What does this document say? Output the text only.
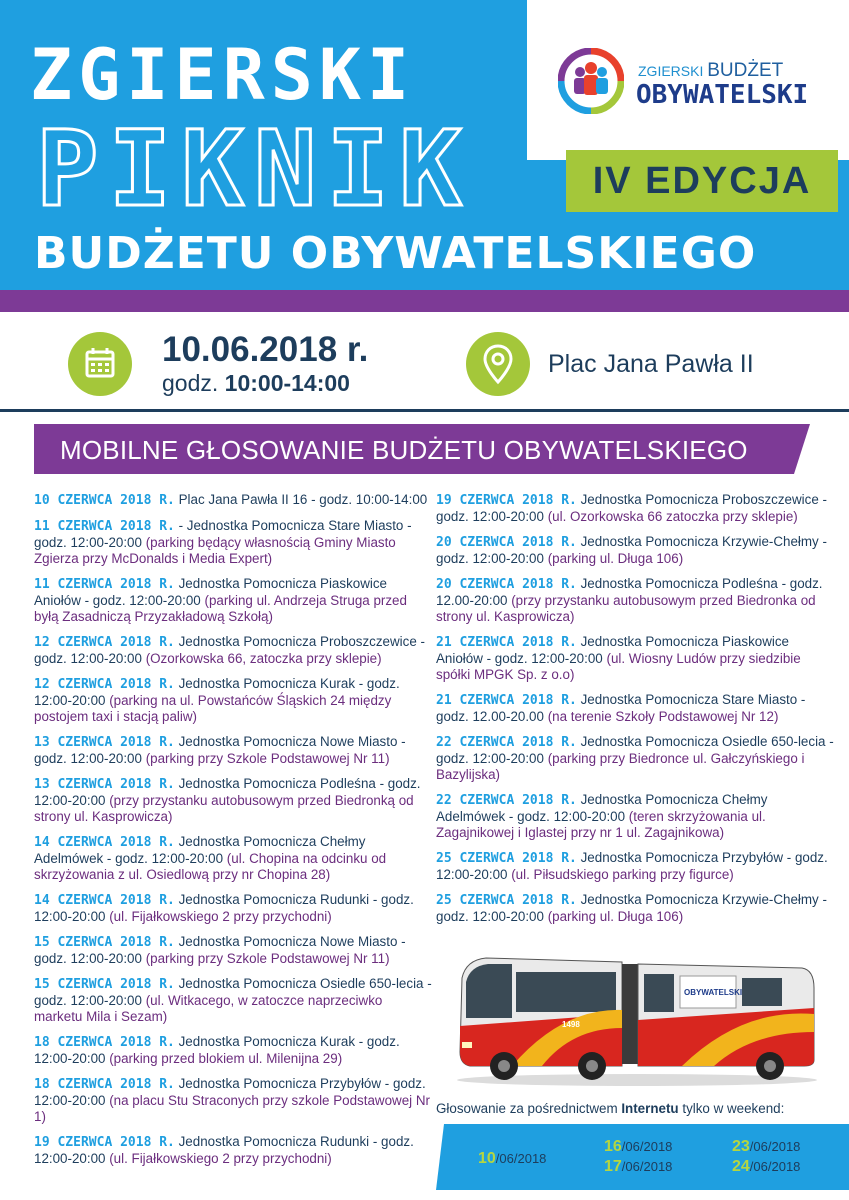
ZGIERSKI
PIKNIK
BUDŻETU OBYWATELSKIEGO
ZGIERSKI BUDŻET
OBYWATELSKI
IV EDYCJA
10.06.2018 r.
godz. 10:00-14:00
Plac Jana Pawła II
MOBILNE GŁOSOWANIE BUDŻETU OBYWATELSKIEGO
10 CZERWCA 2018 R. Plac Jana Pawła II 16 - godz. 10:00-14:00
11 CZERWCA 2018 R. - Jednostka Pomocnicza Stare Miasto - godz. 12:00-20:00 (parking będący własnością Gminy Miasto Zgierza przy McDonalds i Media Expert)
11 CZERWCA 2018 R. Jednostka Pomocnicza Piaskowice Aniołów - godz. 12:00-20:00 (parking ul. Andrzeja Struga przed byłą Zasadniczą Przyzakładową Szkołą)
12 CZERWCA 2018 R. Jednostka Pomocnicza Proboszczewice - godz. 12:00-20:00 (Ozorkowska 66, zatoczka przy sklepie)
12 CZERWCA 2018 R. Jednostka Pomocnicza Kurak - godz. 12:00-20:00 (parking na ul. Powstańców Śląskich 24 między postojem taxi i stacją paliw)
13 CZERWCA 2018 R. Jednostka Pomocnicza Nowe Miasto - godz. 12:00-20:00 (parking przy Szkole Podstawowej Nr 11)
13 CZERWCA 2018 R. Jednostka Pomocnicza Podleśna - godz. 12:00-20:00 (przy przystanku autobusowym przed Biedronką od strony ul. Kasprowicza)
14 CZERWCA 2018 R. Jednostka Pomocnicza Chełmy Adelmówek - godz. 12:00-20:00 (ul. Chopina na odcinku od skrzyżowania z ul. Osiedlową przy nr Chopina 28)
14 CZERWCA 2018 R. Jednostka Pomocnicza Rudunki - godz. 12:00-20:00 (ul. Fijałkowskiego 2 przy przychodni)
15 CZERWCA 2018 R. Jednostka Pomocnicza Nowe Miasto - godz. 12:00-20:00 (parking przy Szkole Podstawowej Nr 11)
15 CZERWCA 2018 R. Jednostka Pomocnicza Osiedle 650-lecia - godz. 12:00-20:00 (ul. Witkacego, w zatoczce naprzeciwko marketu Mila i Sezam)
18 CZERWCA 2018 R. Jednostka Pomocnicza Kurak - godz. 12:00-20:00 (parking przed blokiem ul. Milenijna 29)
18 CZERWCA 2018 R. Jednostka Pomocnicza Przybyłów - godz. 12:00-20:00 (na placu Stu Straconych przy szkole Podstawowej Nr 1)
19 CZERWCA 2018 R. Jednostka Pomocnicza Rudunki - godz. 12:00-20:00 (ul. Fijałkowskiego 2 przy przychodni)
19 CZERWCA 2018 R. Jednostka Pomocnicza Proboszczewice - godz. 12:00-20:00 (ul. Ozorkowska 66 zatoczka przy sklepie)
20 CZERWCA 2018 R. Jednostka Pomocnicza Krzywie-Chełmy - godz. 12:00-20:00 (parking ul. Długa 106)
20 CZERWCA 2018 R. Jednostka Pomocnicza Podleśna - godz. 12.00-20:00 (przy przystanku autobusowym przed Biedronka od strony ul. Kasprowicza)
21 CZERWCA 2018 R. Jednostka Pomocnicza Piaskowice Aniołów - godz. 12:00-20:00 (ul. Wiosny Ludów przy siedzibie spółki MPGK Sp. z o.o)
21 CZERWCA 2018 R. Jednostka Pomocnicza Stare Miasto - godz. 12.00-20.00 (na terenie Szkoły Podstawowej Nr 12)
22 CZERWCA 2018 R. Jednostka Pomocnicza Osiedle 650-lecia - godz. 12:00-20:00 (parking przy Biedronce ul. Gałczyńskiego i Bazylijska)
22 CZERWCA 2018 R. Jednostka Pomocnicza Chełmy Adelmówek - godz. 12:00-20:00 (teren skrzyżowania ul. Zagajnikowej i Iglastej przy nr 1 ul. Zagajnikowa)
25 CZERWCA 2018 R. Jednostka Pomocnicza Przybyłów - godz. 12:00-20:00 (ul. Piłsudskiego parking przy figurce)
25 CZERWCA 2018 R. Jednostka Pomocnicza Krzywie-Chełmy - godz. 12:00-20:00 (parking ul. Długa 106)
1498
OBYWATELSKI
Głosowanie za pośrednictwem Internetu tylko w weekend:
10/06/2018
16/06/2018
17/06/2018
23/06/2018
24/06/2018
